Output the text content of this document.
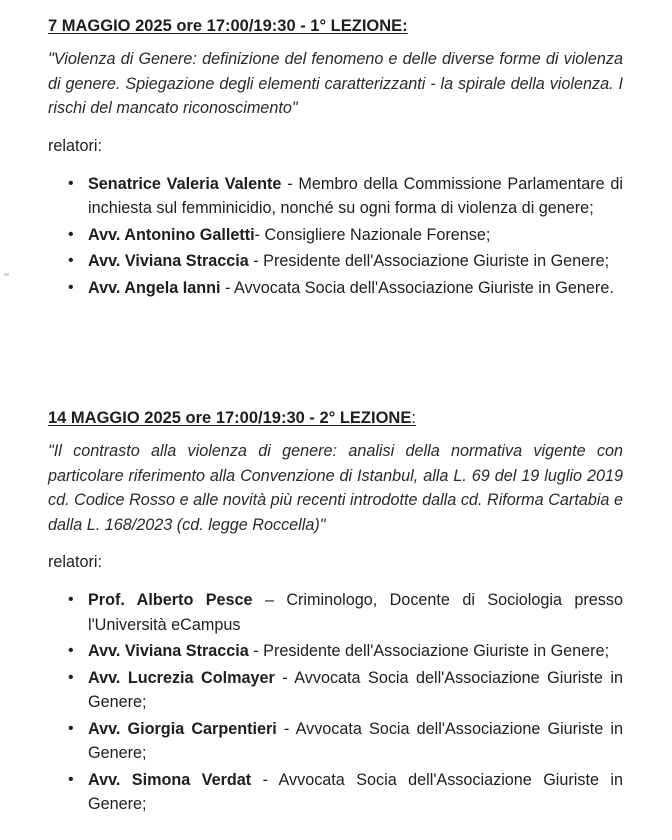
7 MAGGIO 2025 ore 17:00/19:30 - 1° LEZIONE:

"Violenza di Genere: definizione del fenomeno e delle diverse forme di violenza di genere. Spiegazione degli elementi caratterizzanti - la spirale della violenza. I rischi del mancato riconoscimento"

relatori:

• Senatrice Valeria Valente - Membro della Commissione Parlamentare di inchiesta sul femminicidio, nonché su ogni forma di violenza di genere;
• Avv. Antonino Galletti- Consigliere Nazionale Forense;
• Avv. Viviana Straccia - Presidente dell'Associazione Giuriste in Genere;
• Avv. Angela Ianni - Avvocata Socia dell'Associazione Giuriste in Genere.

14 MAGGIO 2025 ore 17:00/19:30 - 2° LEZIONE:

"Il contrasto alla violenza di genere: analisi della normativa vigente con particolare riferimento alla Convenzione di Istanbul, alla L. 69 del 19 luglio 2019 cd. Codice Rosso e alle novità più recenti introdotte dalla cd. Riforma Cartabia e dalla L. 168/2023 (cd. legge Roccella)"

relatori:

• Prof. Alberto Pesce – Criminologo, Docente di Sociologia presso l'Università eCampus
• Avv. Viviana Straccia - Presidente dell'Associazione Giuriste in Genere;
• Avv. Lucrezia Colmayer - Avvocata Socia dell'Associazione Giuriste in Genere;
• Avv. Giorgia Carpentieri - Avvocata Socia dell'Associazione Giuriste in Genere;
• Avv. Simona Verdat - Avvocata Socia dell'Associazione Giuriste in Genere;
